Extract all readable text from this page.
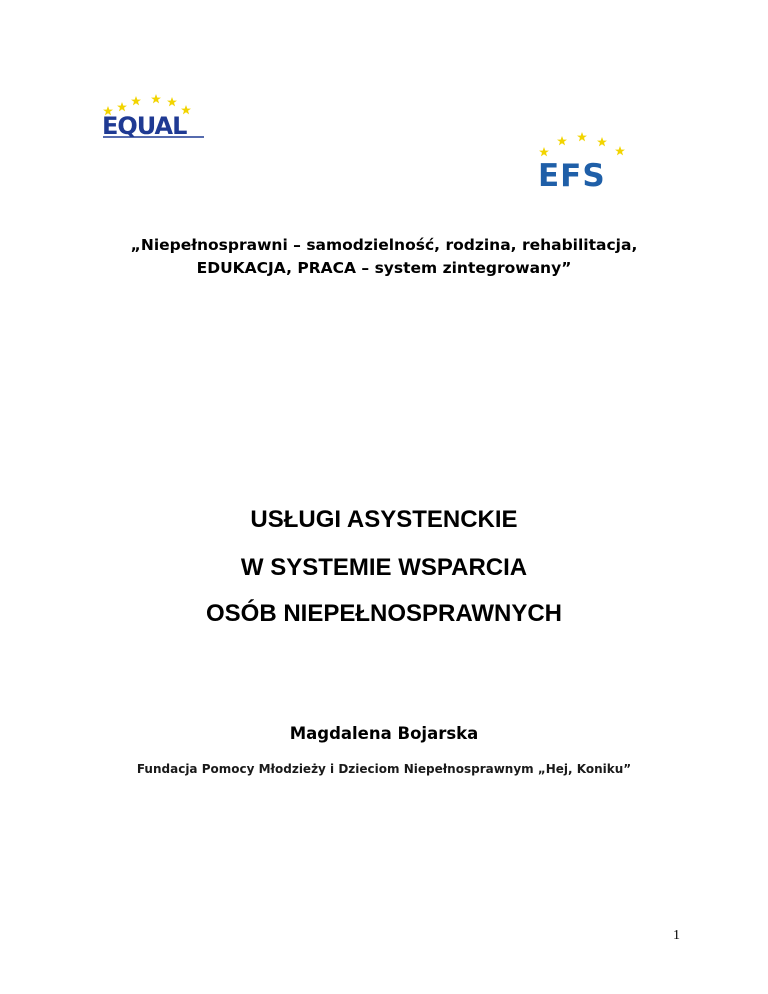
EQUAL
EFS
„Niepełnosprawni – samodzielność, rodzina, rehabilitacja,
EDUKACJA, PRACA – system zintegrowany”
USŁUGI ASYSTENCKIE
W SYSTEMIE WSPARCIA
OSÓB NIEPEŁNOSPRAWNYCH
Magdalena Bojarska
Fundacja Pomocy Młodzieży i Dzieciom Niepełnosprawnym „Hej, Koniku”
1
